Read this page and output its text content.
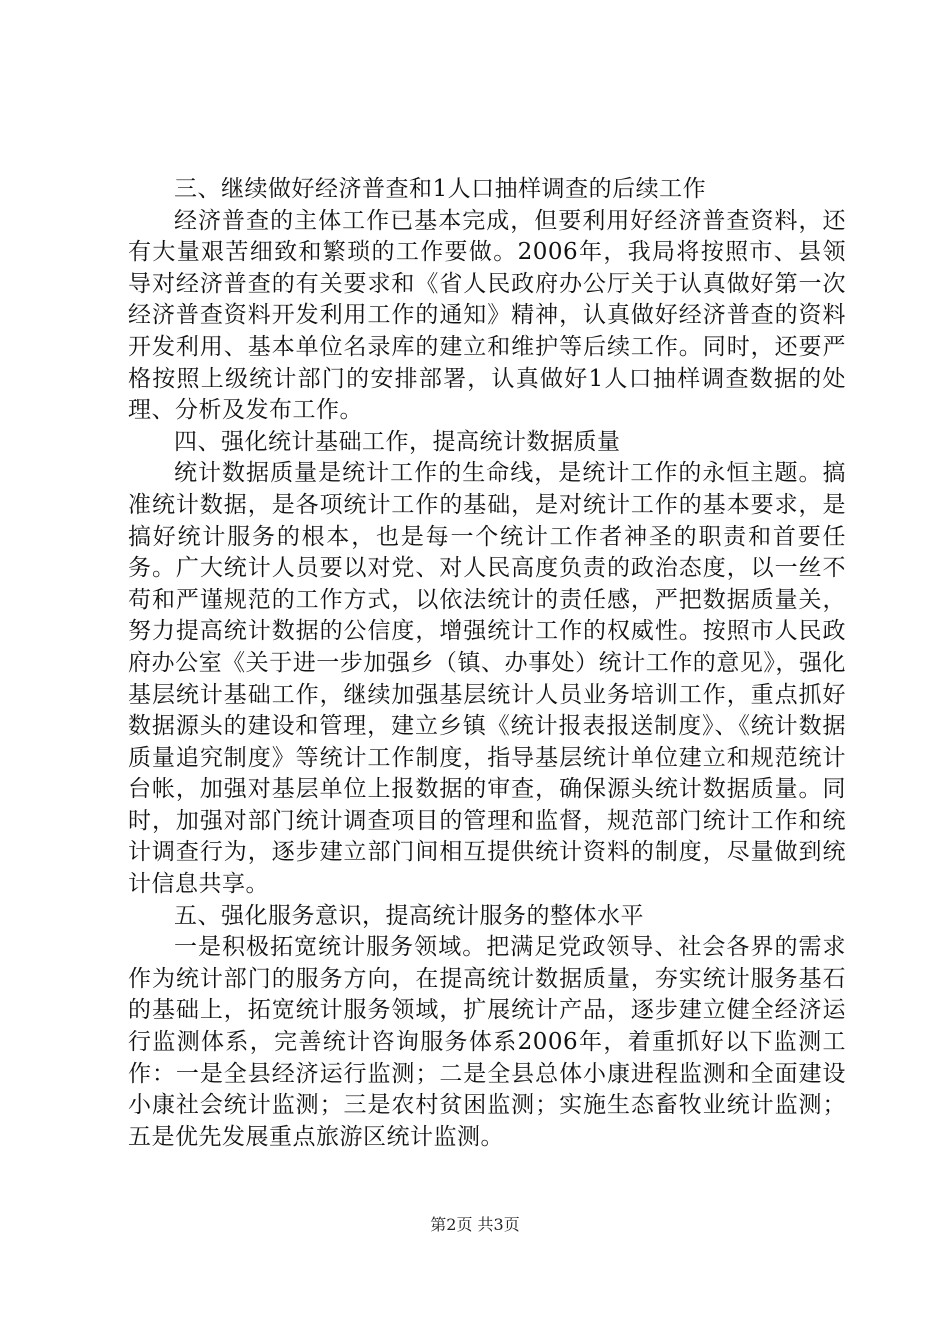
三、继续做好经济普查和1人口抽样调查的后续工作

经济普查的主体工作已基本完成，但要利用好经济普查资料，还有大量艰苦细致和繁琐的工作要做。2006年，我局将按照市、县领导对经济普查的有关要求和《省人民政府办公厅关于认真做好第一次经济普查资料开发利用工作的通知》精神，认真做好经济普查的资料开发利用、基本单位名录库的建立和维护等后续工作。同时，还要严格按照上级统计部门的安排部署，认真做好1人口抽样调查数据的处理、分析及发布工作。

四、强化统计基础工作，提高统计数据质量

统计数据质量是统计工作的生命线，是统计工作的永恒主题。搞准统计数据，是各项统计工作的基础，是对统计工作的基本要求，是搞好统计服务的根本，也是每一个统计工作者神圣的职责和首要任务。广大统计人员要以对党、对人民高度负责的政治态度，以一丝不苟和严谨规范的工作方式，以依法统计的责任感，严把数据质量关，努力提高统计数据的公信度，增强统计工作的权威性。按照市人民政府办公室《关于进一步加强乡（镇、办事处）统计工作的意见》，强化基层统计基础工作，继续加强基层统计人员业务培训工作，重点抓好数据源头的建设和管理，建立乡镇《统计报表报送制度》、《统计数据质量追究制度》等统计工作制度，指导基层统计单位建立和规范统计台帐，加强对基层单位上报数据的审查，确保源头统计数据质量。同时，加强对部门统计调查项目的管理和监督，规范部门统计工作和统计调查行为，逐步建立部门间相互提供统计资料的制度，尽量做到统计信息共享。

五、强化服务意识，提高统计服务的整体水平

一是积极拓宽统计服务领域。把满足党政领导、社会各界的需求作为统计部门的服务方向，在提高统计数据质量，夯实统计服务基石的基础上，拓宽统计服务领域，扩展统计产品，逐步建立健全经济运行监测体系，完善统计咨询服务体系2006年，着重抓好以下监测工作：一是全县经济运行监测；二是全县总体小康进程监测和全面建设小康社会统计监测；三是农村贫困监测；实施生态畜牧业统计监测；五是优先发展重点旅游区统计监测。

第2页 共3页
